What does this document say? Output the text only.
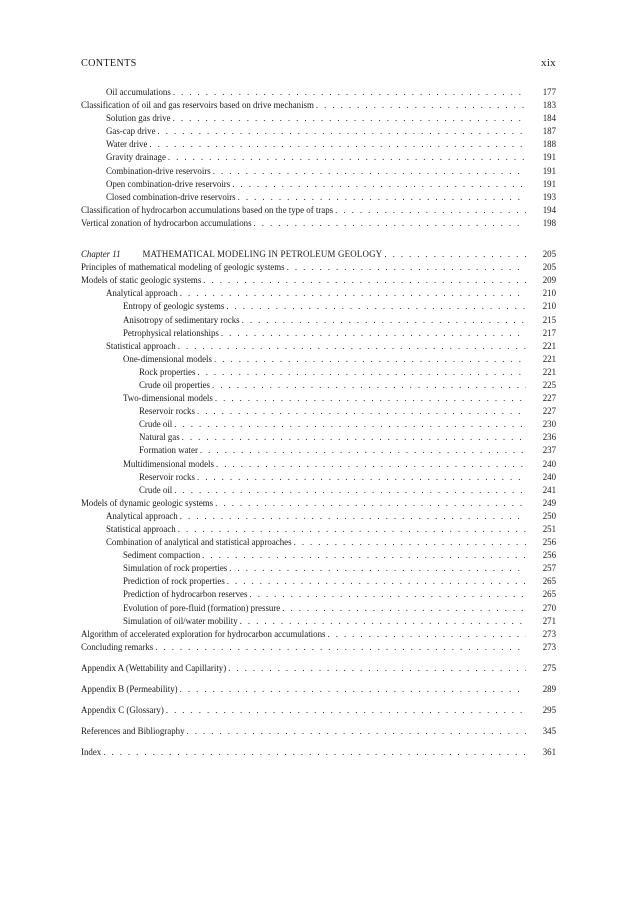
CONTENTS	xix
Oil accumulations . . .	177
Classification of oil and gas reservoirs based on drive mechanism . . .	183
Solution gas drive . . .	184
Gas-cap drive . . .	187
Water drive . . .	188
Gravity drainage . . .	191
Combination-drive reservoirs . . .	191
Open combination-drive reservoirs . . .	191
Closed combination-drive reservoirs . . .	193
Classification of hydrocarbon accumulations based on the type of traps . . .	194
Vertical zonation of hydrocarbon accumulations . . .	198
Chapter 11 MATHEMATICAL MODELING IN PETROLEUM GEOLOGY . . .	205
Principles of mathematical modeling of geologic systems . . .	205
Models of static geologic systems . . .	209
Analytical approach . . .	210
Entropy of geologic systems . . .	210
Anisotropy of sedimentary rocks . . .	215
Petrophysical relationships . . .	217
Statistical approach . . .	221
One-dimensional models . . .	221
Rock properties . . .	221
Crude oil properties . . .	225
Two-dimensional models . . .	227
Reservoir rocks . . .	227
Crude oil . . .	230
Natural gas . . .	236
Formation water . . .	237
Multidimensional models . . .	240
Reservoir rocks . . .	240
Crude oil . . .	241
Models of dynamic geologic systems . . .	249
Analytical approach . . .	250
Statistical approach . . .	251
Combination of analytical and statistical approaches . . .	256
Sediment compaction . . .	256
Simulation of rock properties . . .	257
Prediction of rock properties . . .	265
Prediction of hydrocarbon reserves . . .	265
Evolution of pore-fluid (formation) pressure . . .	270
Simulation of oil/water mobility . . .	271
Algorithm of accelerated exploration for hydrocarbon accumulations . . .	273
Concluding remarks . . .	273
Appendix A (Wettability and Capillarity) . . .	275
Appendix B (Permeability) . . .	289
Appendix C (Glossary) . . .	295
References and Bibliography . . .	345
Index . . .	361
